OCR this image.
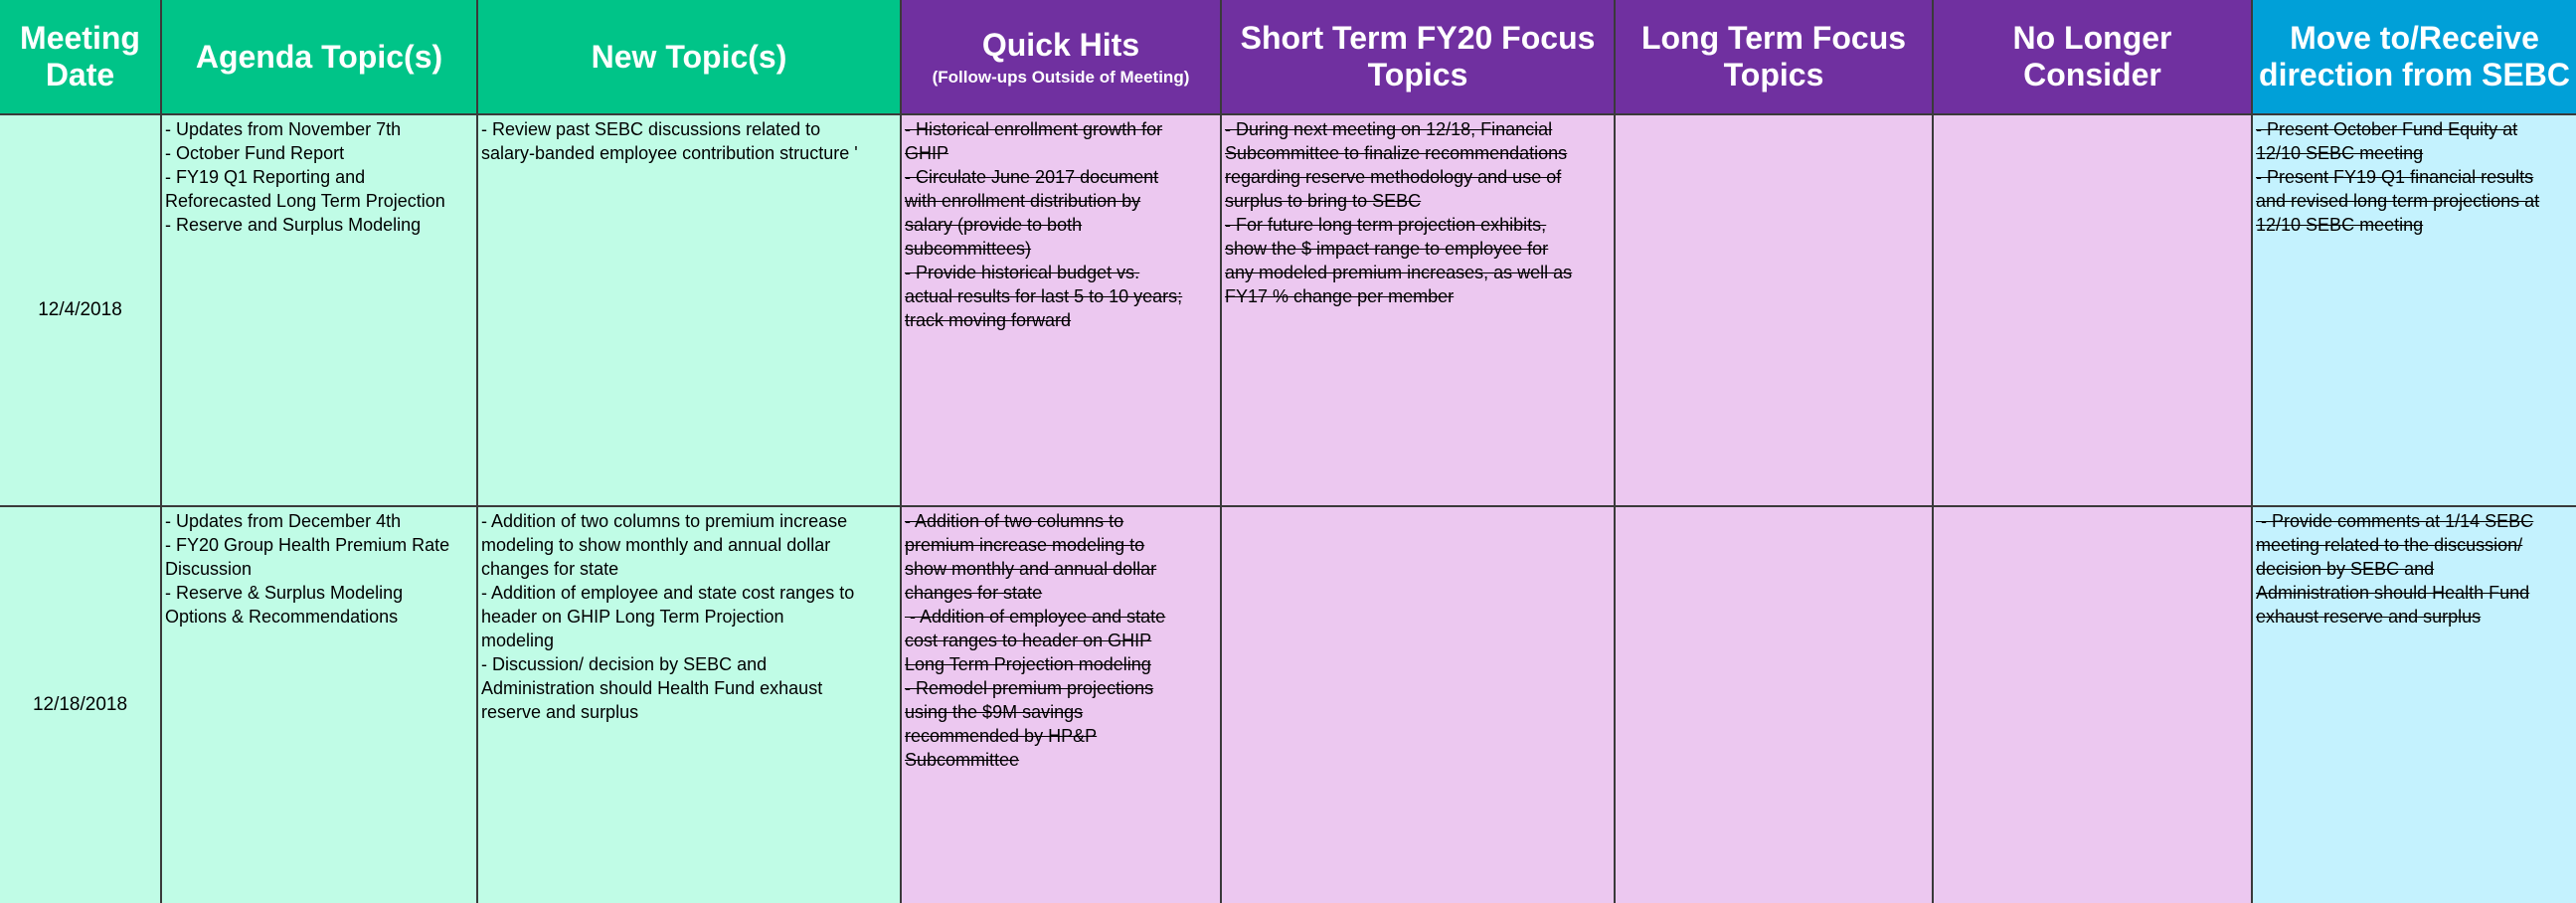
Meeting Date
Agenda Topic(s)	New Topic(s)	Quick Hits
(Follow-ups Outside of Meeting)
Short Term FY20 Focus Topics
Long Term Focus Topics
No Longer Consider
Move to/Receive direction from SEBC
12/4/2018
- Updates from November 7th
- October Fund Report
- FY19 Q1 Reporting and
Reforecasted Long Term Projection
- Reserve and Surplus Modeling
- Review past SEBC discussions related to
salary-banded employee contribution structure '
- Historical enrollment growth for
GHIP
- Circulate June 2017 document
with enrollment distribution by
salary (provide to both
subcommittees)
- Provide historical budget vs.
actual results for last 5 to 10 years;
track moving forward
- During next meeting on 12/18, Financial
Subcommittee to finalize recommendations
regarding reserve methodology and use of
surplus to bring to SEBC
- For future long term projection exhibits,
show the $ impact range to employee for
any modeled premium increases, as well as
FY17 % change per member
- Present October Fund Equity at
12/10 SEBC meeting
- Present FY19 Q1 financial results
and revised long term projections at
12/10 SEBC meeting
12/18/2018
- Updates from December 4th
- FY20 Group Health Premium Rate
Discussion
- Reserve & Surplus Modeling
Options & Recommendations
- Addition of two columns to premium increase
modeling to show monthly and annual dollar
changes for state
- Addition of employee and state cost ranges to
header on GHIP Long Term Projection
modeling
- Discussion/ decision by SEBC and
Administration should Health Fund exhaust
reserve and surplus
- Addition of two columns to
premium increase modeling to
show monthly and annual dollar
changes for state
- Addition of employee and state
cost ranges to header on GHIP
Long Term Projection modeling
- Remodel premium projections
using the $9M savings
recommended by HP&P
Subcommittee
- Provide comments at 1/14 SEBC
meeting related to the discussion/
decision by SEBC and
Administration should Health Fund
exhaust reserve and surplus
